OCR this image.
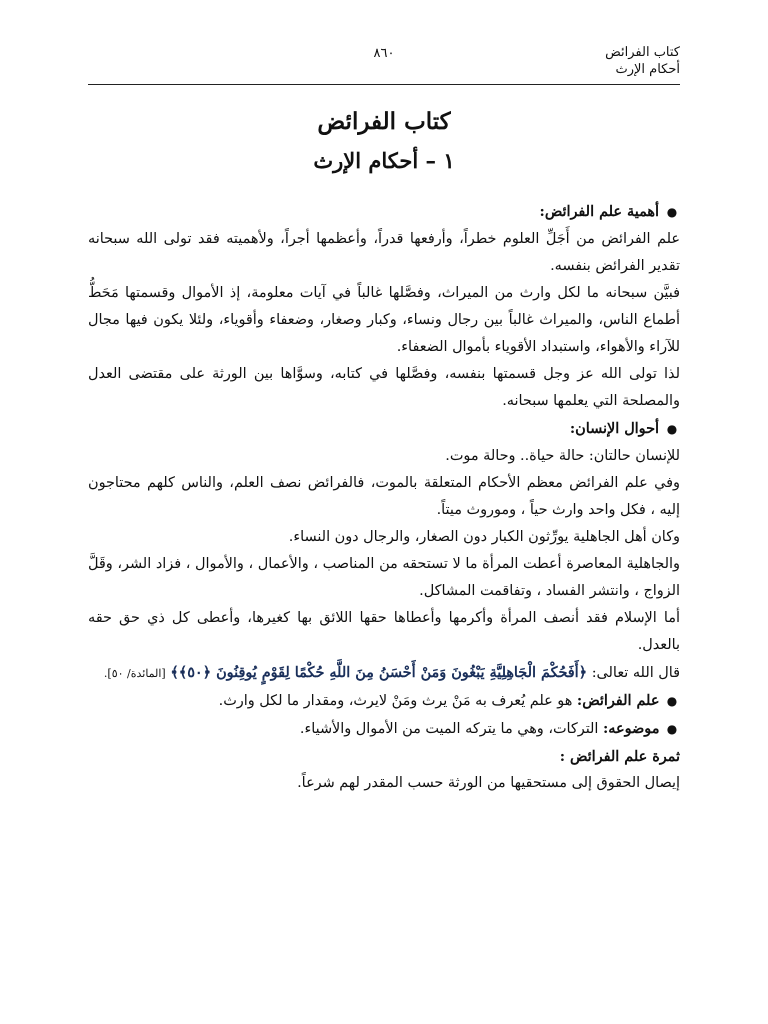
كتاب الفرائض
أحكام الإرث
٨٦٠
كتاب الفرائض
١ – أحكام الإرث

● أهمية علم الفرائض:

علم الفرائض من أَجَلِّ العلوم خطراً، وأرفعها قدراً، وأعظمها أجراً، ولأهميته فقد تولى الله سبحانه تقدير الفرائض بنفسه.

فبيَّن سبحانه ما لكل وارث من الميراث، وفصَّلها غالباً في آيات معلومة، إذ الأموال وقسمتها مَحَطُّ أطماع الناس، والميراث غالباً بين رجال ونساء، وكبار وصغار، وضعفاء وأقوياء، ولئلا يكون فيها مجال للآراء والأهواء، واستبداد الأقوياء بأموال الضعفاء.

لذا تولى الله عز وجل قسمتها بنفسه، وفصَّلها في كتابه، وسوَّاها بين الورثة على مقتضى العدل والمصلحة التي يعلمها سبحانه.

● أحوال الإنسان:

للإنسان حالتان: حالة حياة.. وحالة موت.

وفي علم الفرائض معظم الأحكام المتعلقة بالموت، فالفرائض نصف العلم، والناس كلهم محتاجون إليه ، فكل واحد وارث حياً ، وموروث ميتاً.

وكان أهل الجاهلية يورِّثون الكبار دون الصغار، والرجال دون النساء.

والجاهلية المعاصرة أعطت المرأة ما لا تستحقه من المناصب ، والأعمال ، والأموال ، فزاد الشر، وقَلَّ الزواج ، وانتشر الفساد ، وتفاقمت المشاكل.

أما الإسلام فقد أنصف المرأة وأكرمها وأعطاها حقها اللائق بها كغيرها، وأعطى كل ذي حق حقه بالعدل.

قال الله تعالى: ﴿أَفَحُكْمَ الْجَاهِلِيَّةِ يَبْغُونَ وَمَنْ أَحْسَنُ مِنَ اللَّهِ حُكْمًا لِقَوْمٍ يُوقِنُونَ ﴿٥٠﴾﴾ [المائدة/ ٥٠].

● علم الفرائض: هو علم يُعرف به مَنْ يرث ومَنْ لايرث، ومقدار ما لكل وارث.

● موضوعه: التركات، وهي ما يتركه الميت من الأموال والأشياء.

ثمرة علم الفرائض :

إيصال الحقوق إلى مستحقيها من الورثة حسب المقدر لهم شرعاً.
